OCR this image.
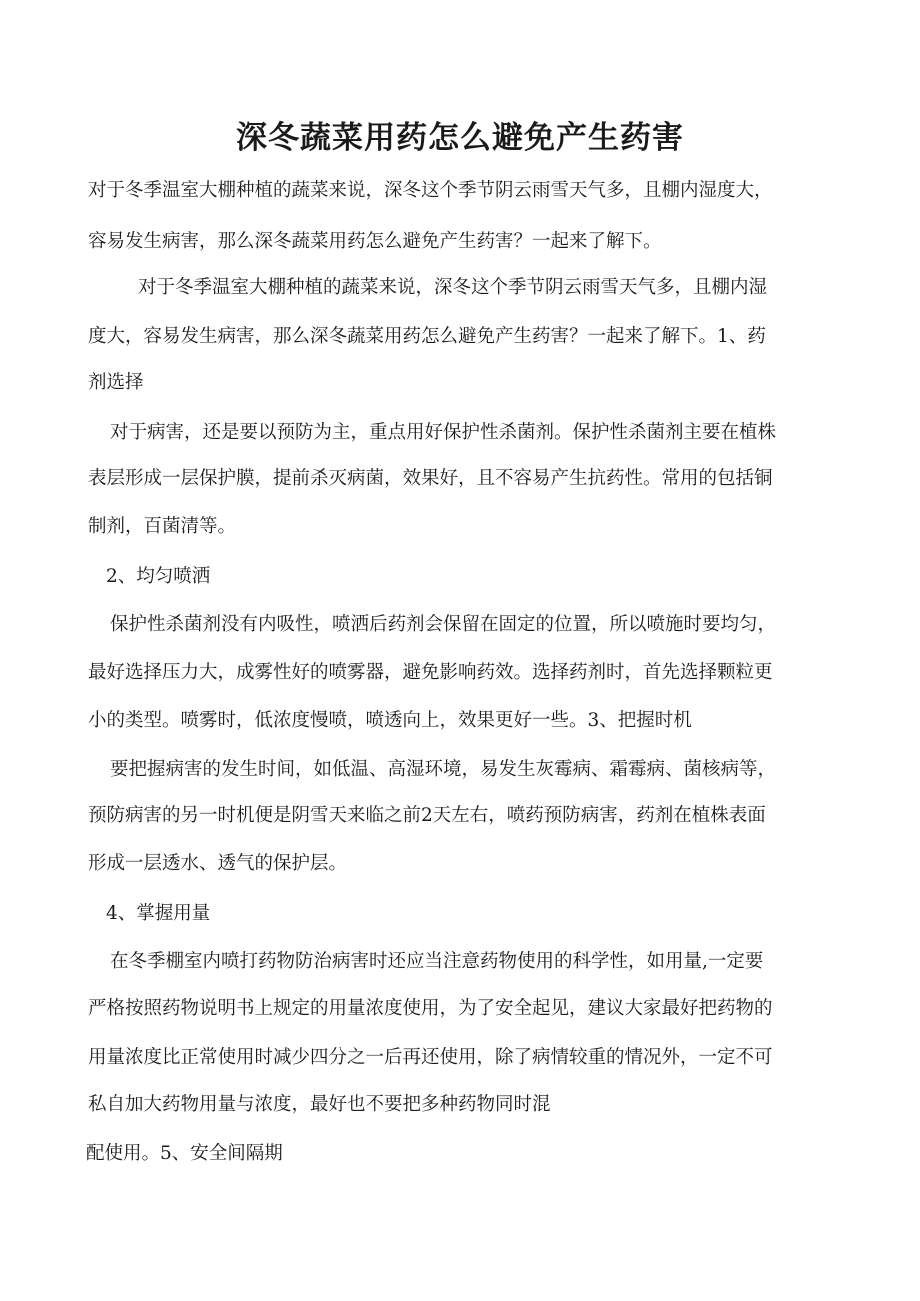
深冬蔬菜用药怎么避免产生药害

对于冬季温室大棚种植的蔬菜来说，深冬这个季节阴云雨雪天气多，且棚内湿度大，

容易发生病害，那么深冬蔬菜用药怎么避免产生药害？一起来了解下。

对于冬季温室大棚种植的蔬菜来说，深冬这个季节阴云雨雪天气多，且棚内湿

度大，容易发生病害，那么深冬蔬菜用药怎么避免产生药害？一起来了解下。1、药

剂选择

对于病害，还是要以预防为主，重点用好保护性杀菌剂。保护性杀菌剂主要在植株

表层形成一层保护膜，提前杀灭病菌，效果好，且不容易产生抗药性。常用的包括铜

制剂，百菌清等。

2、均匀喷洒

保护性杀菌剂没有内吸性，喷洒后药剂会保留在固定的位置，所以喷施时要均匀，

最好选择压力大，成雾性好的喷雾器，避免影响药效。选择药剂时，首先选择颗粒更

小的类型。喷雾时，低浓度慢喷，喷透向上，效果更好一些。3、把握时机

要把握病害的发生时间，如低温、高湿环境，易发生灰霉病、霜霉病、菌核病等，

预防病害的另一时机便是阴雪天来临之前2天左右，喷药预防病害，药剂在植株表面

形成一层透水、透气的保护层。

4、掌握用量

在冬季棚室内喷打药物防治病害时还应当注意药物使用的科学性，如用量,一定要

严格按照药物说明书上规定的用量浓度使用，为了安全起见，建议大家最好把药物的

用量浓度比正常使用时减少四分之一后再还使用，除了病情较重的情况外，一定不可

私自加大药物用量与浓度，最好也不要把多种药物同时混

配使用。5、安全间隔期
